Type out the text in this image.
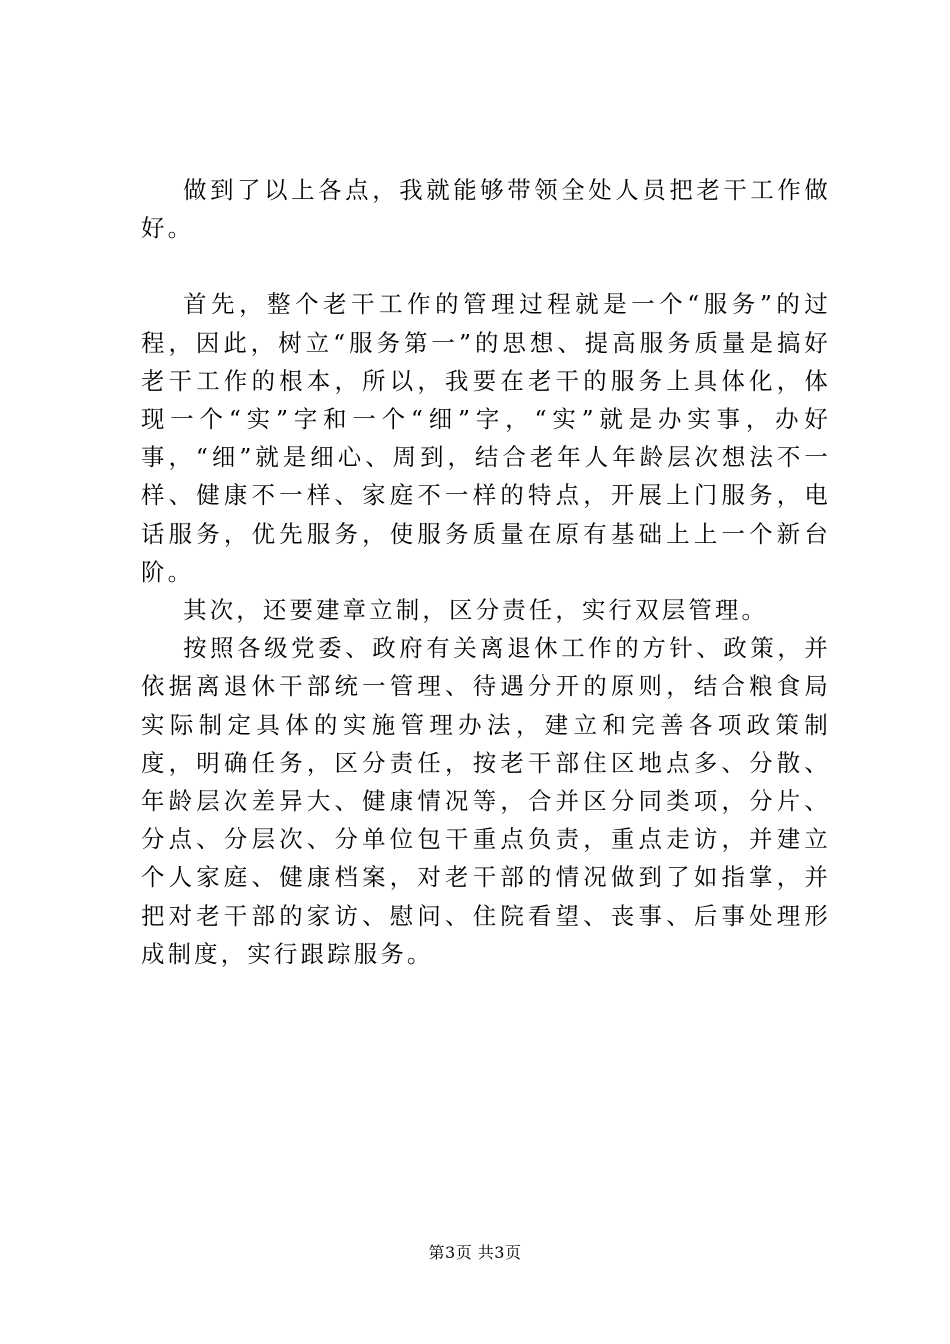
做到了以上各点，我就能够带领全处人员把老干工作做好。

首先，整个老干工作的管理过程就是一个“服务”的过程，因此，树立“服务第一”的思想、提高服务质量是搞好老干工作的根本，所以，我要在老干的服务上具体化，体现一个“实”字和一个“细”字，“实”就是办实事，办好事，“细”就是细心、周到，结合老年人年龄层次想法不一样、健康不一样、家庭不一样的特点，开展上门服务，电话服务，优先服务，使服务质量在原有基础上上一个新台阶。

其次，还要建章立制，区分责任，实行双层管理。

按照各级党委、政府有关离退休工作的方针、政策，并依据离退休干部统一管理、待遇分开的原则，结合粮食局实际制定具体的实施管理办法，建立和完善各项政策制度，明确任务，区分责任，按老干部住区地点多、分散、年龄层次差异大、健康情况等，合并区分同类项，分片、分点、分层次、分单位包干重点负责，重点走访，并建立个人家庭、健康档案，对老干部的情况做到了如指掌，并把对老干部的家访、慰问、住院看望、丧事、后事处理形成制度，实行跟踪服务。

第3页 共3页
